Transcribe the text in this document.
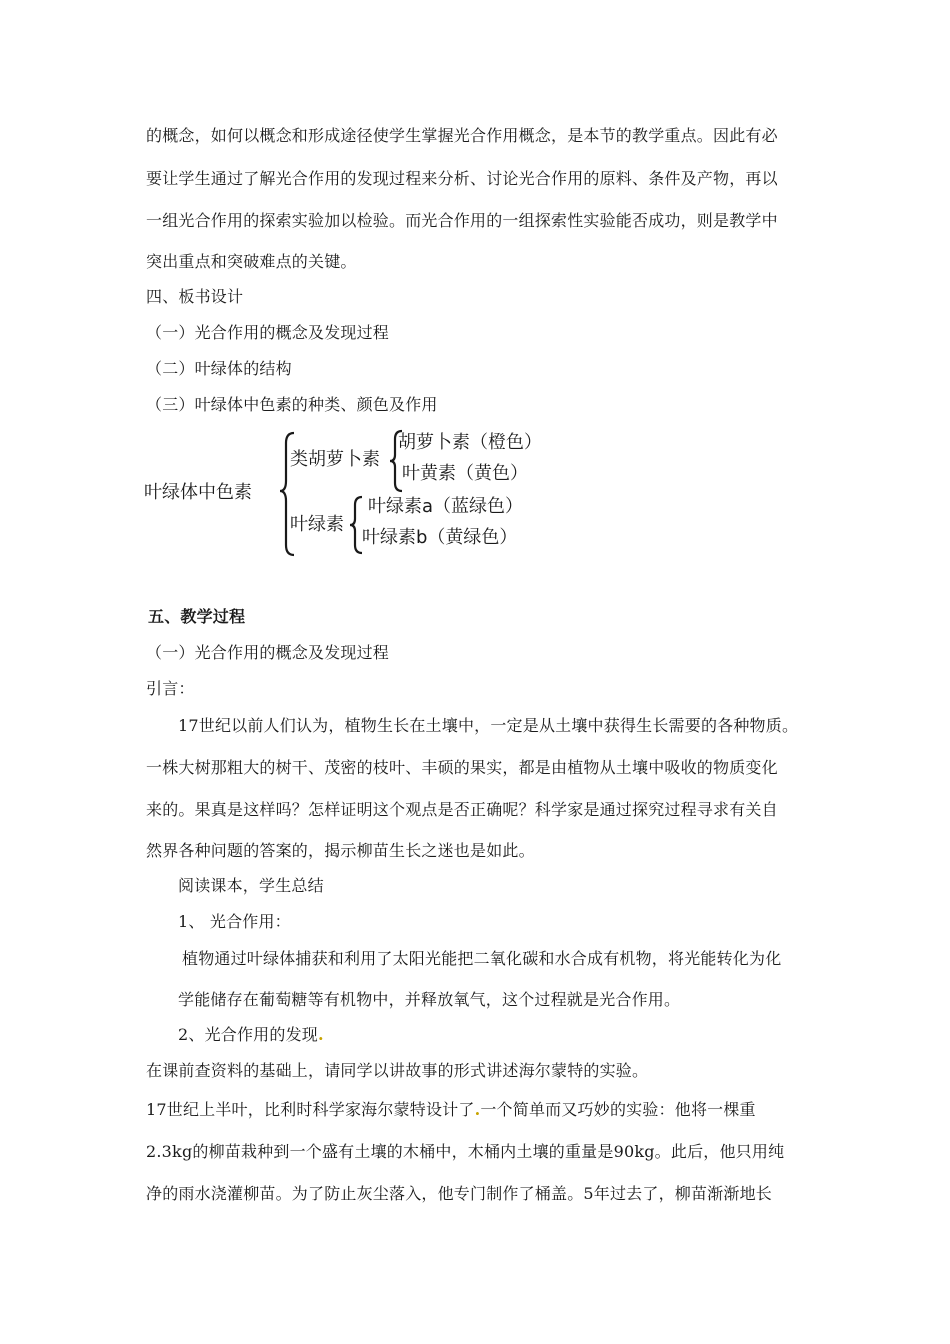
的概念，如何以概念和形成途径使学生掌握光合作用概念，是本节的教学重点。因此有必
要让学生通过了解光合作用的发现过程来分析、讨论光合作用的原料、条件及产物，再以
一组光合作用的探索实验加以检验。而光合作用的一组探索性实验能否成功，则是教学中
突出重点和突破难点的关键。
四、板书设计
（一）光合作用的概念及发现过程
（二）叶绿体的结构
（三）叶绿体中色素的种类、颜色及作用
叶绿体中色素
类胡萝卜素
胡萝卜素（橙色）
叶黄素（黄色）
叶绿素
叶绿素a（蓝绿色）
叶绿素b（黄绿色）
五、教学过程
（一）光合作用的概念及发现过程
引言：
17世纪以前人们认为，植物生长在土壤中，一定是从土壤中获得生长需要的各种物质。
一株大树那粗大的树干、茂密的枝叶、丰硕的果实，都是由植物从土壤中吸收的物质变化
来的。果真是这样吗？怎样证明这个观点是否正确呢？科学家是通过探究过程寻求有关自
然界各种问题的答案的，揭示柳苗生长之迷也是如此。
阅读课本，学生总结
1、 光合作用：
植物通过叶绿体捕获和利用了太阳光能把二氧化碳和水合成有机物，将光能转化为化
学能储存在葡萄糖等有机物中，并释放氧气，这个过程就是光合作用。
2、光合作用的发现.
在课前查资料的基础上，请同学以讲故事的形式讲述海尔蒙特的实验。
17世纪上半叶，比利时科学家海尔蒙特设计了.一个简单而又巧妙的实验：他将一棵重
2.3kg的柳苗栽种到一个盛有土壤的木桶中，木桶内土壤的重量是90kg。此后，他只用纯
净的雨水浇灌柳苗。为了防止灰尘落入，他专门制作了桶盖。5年过去了，柳苗渐渐地长
